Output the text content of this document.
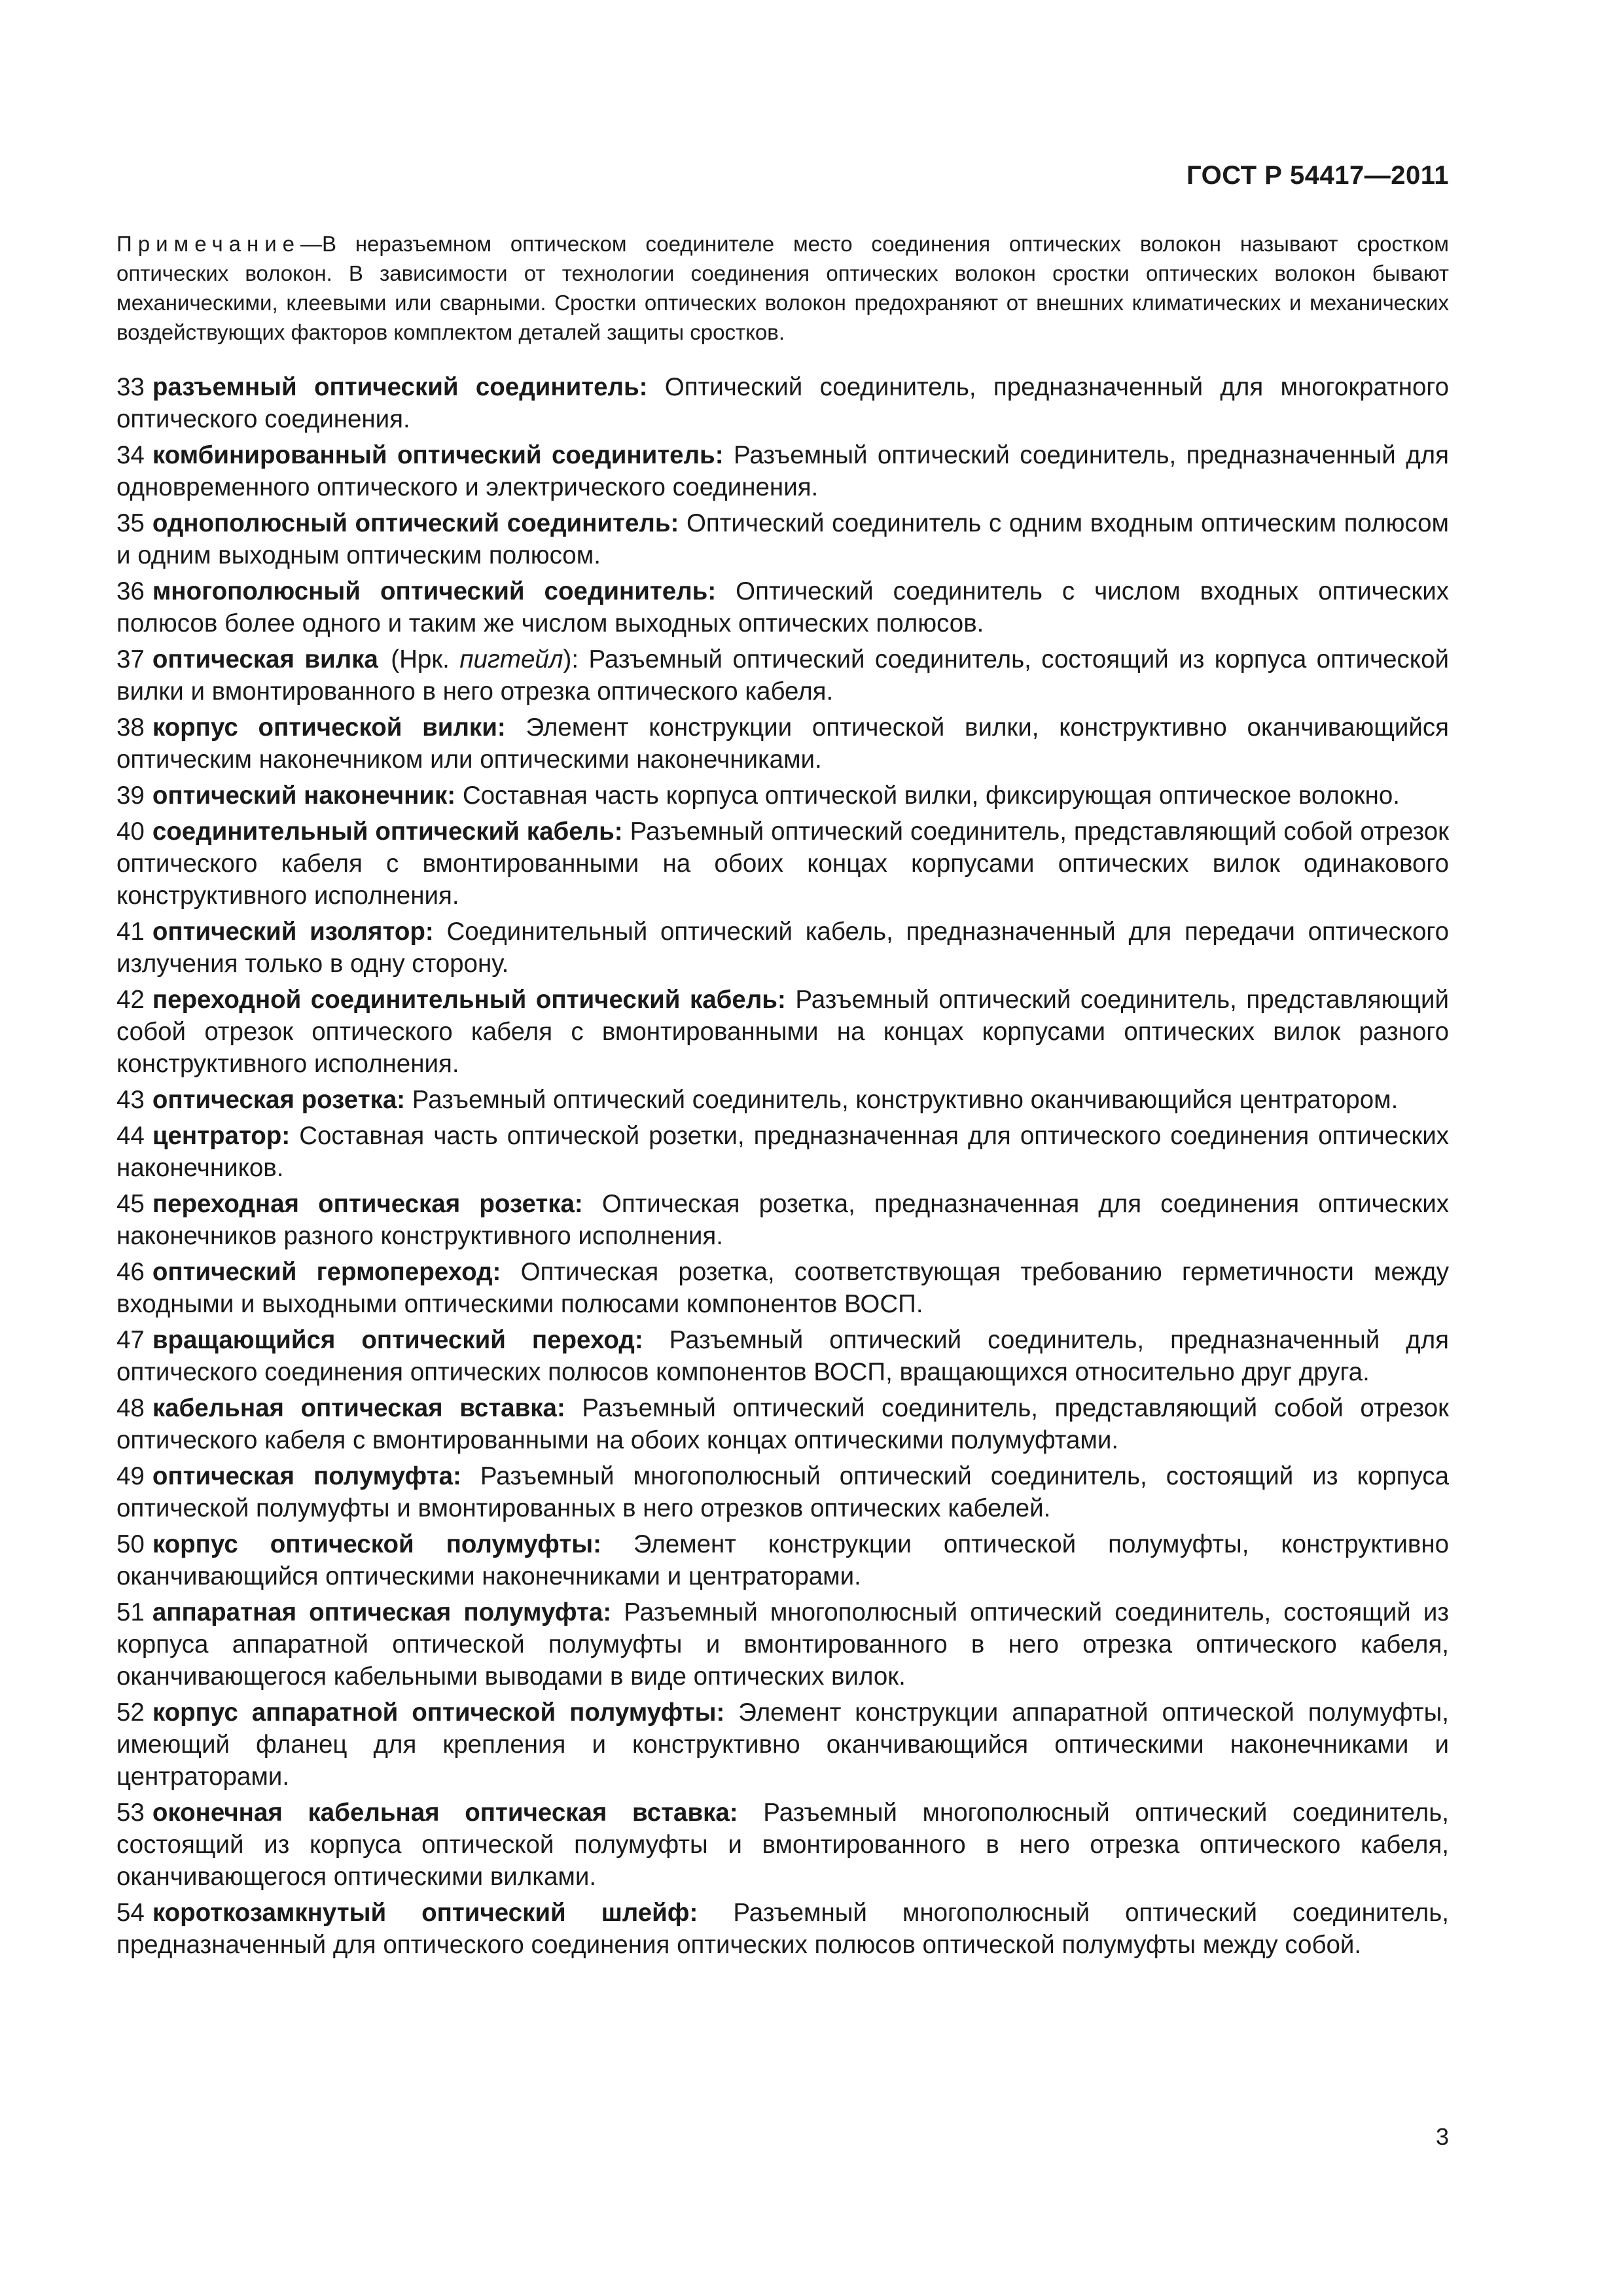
ГОСТ Р 54417—2011
Примечание—В неразъемном оптическом соединителе место соединения оптических волокон называют сростком оптических волокон. В зависимости от технологии соединения оптических волокон сростки оптических волокон бывают механическими, клеевыми или сварными. Сростки оптических волокон предохраняют от внешних климатических и механических воздействующих факторов комплектом деталей защиты сростков.

33 разъемный оптический соединитель: Оптический соединитель, предназначенный для многократного оптического соединения.

34 комбинированный оптический соединитель: Разъемный оптический соединитель, предназначенный для одновременного оптического и электрического соединения.

35 однополюсный оптический соединитель: Оптический соединитель с одним входным оптическим полюсом и одним выходным оптическим полюсом.

36 многополюсный оптический соединитель: Оптический соединитель с числом входных оптических полюсов более одного и таким же числом выходных оптических полюсов.

37 оптическая вилка (Нрк. пигтейл): Разъемный оптический соединитель, состоящий из корпуса оптической вилки и вмонтированного в него отрезка оптического кабеля.

38 корпус оптической вилки: Элемент конструкции оптической вилки, конструктивно оканчивающийся оптическим наконечником или оптическими наконечниками.

39 оптический наконечник: Составная часть корпуса оптической вилки, фиксирующая оптическое волокно.

40 соединительный оптический кабель: Разъемный оптический соединитель, представляющий собой отрезок оптического кабеля с вмонтированными на обоих концах корпусами оптических вилок одинакового конструктивного исполнения.

41 оптический изолятор: Соединительный оптический кабель, предназначенный для передачи оптического излучения только в одну сторону.

42 переходной соединительный оптический кабель: Разъемный оптический соединитель, представляющий собой отрезок оптического кабеля с вмонтированными на концах корпусами оптических вилок разного конструктивного исполнения.

43 оптическая розетка: Разъемный оптический соединитель, конструктивно оканчивающийся центратором.

44 центратор: Составная часть оптической розетки, предназначенная для оптического соединения оптических наконечников.

45 переходная оптическая розетка: Оптическая розетка, предназначенная для соединения оптических наконечников разного конструктивного исполнения.

46 оптический гермопереход: Оптическая розетка, соответствующая требованию герметичности между входными и выходными оптическими полюсами компонентов ВОСП.

47 вращающийся оптический переход: Разъемный оптический соединитель, предназначенный для оптического соединения оптических полюсов компонентов ВОСП, вращающихся относительно друг друга.

48 кабельная оптическая вставка: Разъемный оптический соединитель, представляющий собой отрезок оптического кабеля с вмонтированными на обоих концах оптическими полумуфтами.

49 оптическая полумуфта: Разъемный многополюсный оптический соединитель, состоящий из корпуса оптической полумуфты и вмонтированных в него отрезков оптических кабелей.

50 корпус оптической полумуфты: Элемент конструкции оптической полумуфты, конструктивно оканчивающийся оптическими наконечниками и центраторами.

51 аппаратная оптическая полумуфта: Разъемный многополюсный оптический соединитель, состоящий из корпуса аппаратной оптической полумуфты и вмонтированного в него отрезка оптического кабеля, оканчивающегося кабельными выводами в виде оптических вилок.

52 корпус аппаратной оптической полумуфты: Элемент конструкции аппаратной оптической полумуфты, имеющий фланец для крепления и конструктивно оканчивающийся оптическими наконечниками и центраторами.

53 оконечная кабельная оптическая вставка: Разъемный многополюсный оптический соединитель, состоящий из корпуса оптической полумуфты и вмонтированного в него отрезка оптического кабеля, оканчивающегося оптическими вилками.

54 короткозамкнутый оптический шлейф: Разъемный многополюсный оптический соединитель, предназначенный для оптического соединения оптических полюсов оптической полумуфты между собой.

3
